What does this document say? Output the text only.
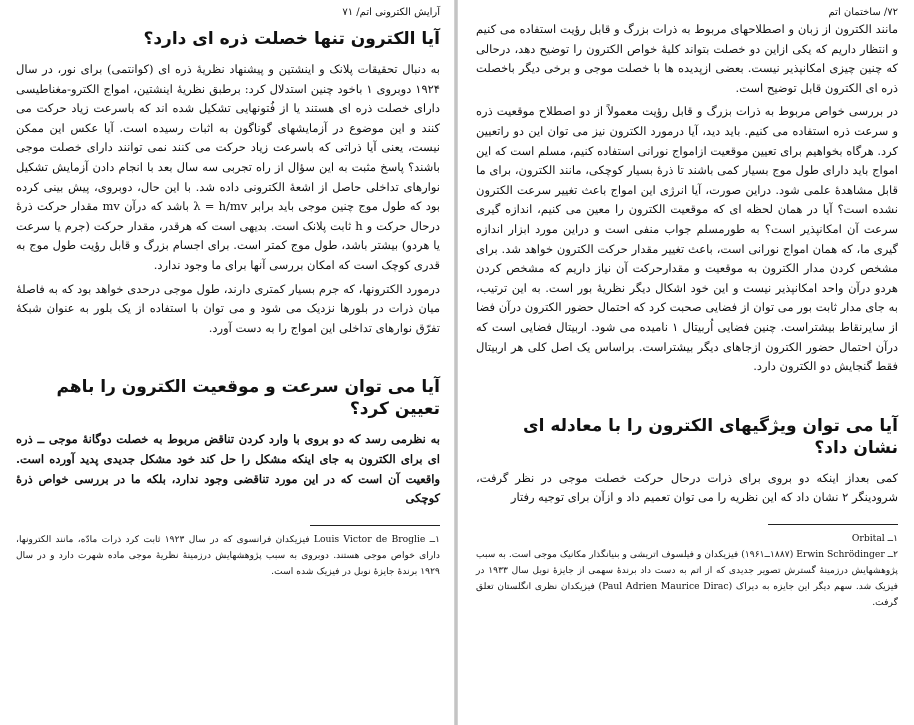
آرایش الکترونی اتم/ ۷۱
آیا الکترون تنها خصلت ذره ای دارد؟

به دنبال تحقیقات پلانک و اینشتین و پیشنهاد نظریهٔ ذره ای (کوانتمی) برای نور، در سال ۱۹۲۴ دوبروی ۱ باخود چنین استدلال کرد: برطبق نظریهٔ اینشتین، امواج الکترو‑مغناطیسی دارای خصلت ذره ای هستند یا از فُتونهایی تشکیل شده اند که باسرعت زیاد حرکت می کنند و این موضوع در آزمایشهای گوناگون به اثبات رسیده است. آیا عکس این ممکن نیست، یعنی آیا ذراتی که باسرعت زیاد حرکت می کنند نمی توانند دارای خصلت موجی باشند؟ پاسخ مثبت به این سؤال از راه تجربی سه سال بعد با انجام دادن آزمایش تشکیل نوارهای تداخلی حاصل از اشعهٔ الکترونی داده شد. با این حال، دوبروی، پیش بینی کرده بود که طول موج چنین موجی باید برابر λ = h/mv باشد که درآن mv مقدار حرکت ذرهٔ درحال حرکت و h ثابت پلانک است. بدیهی است که هرقدر، مقدار حرکت (جرم یا سرعت یا هردو) بیشتر باشد، طول موج کمتر است. برای اجسام بزرگ و قابل رؤیت طول موج به قدری کوچک است که امکان بررسی آنها برای ما وجود ندارد.

درمورد الکترونها، که جرم بسیار کمتری دارند، طول موجی درحدی خواهد بود که به فاصلهٔ میان ذرات در بلورها نزدیک می شود و می توان با استفاده از یک بلور به عنوان شبکهٔ تفرّق نوارهای تداخلی این امواج را به دست آورد.

آیا می توان سرعت و موقعیت الکترون را باهم تعیین کرد؟

به نظرمی رسد که دو بروی با وارد کردن تناقض مربوط به خصلت دوگانهٔ موجی ــ ذره ای برای الکترون به جای اینکه مشکل را حل کند خود مشکل جدیدی پدید آورده است. واقعیت آن است که در این مورد تناقضی وجود ندارد، بلکه ما در بررسی خواص ذرهٔ کوچکی

۱ــ Louis Victor de Broglie فیزیکدان فرانسوی که در سال ۱۹۲۳ ثابت کرد ذرات مادّه، مانند الکترونها، دارای خواص موجی هستند. دوبروی به سبب پژوهشهایش درزمینهٔ نظریهٔ موجی ماده شهرت دارد و در سال ۱۹۲۹ برندهٔ جایزهٔ نوبل در فیزیک شده است.

۷۲/ ساختمان اتم

مانند الکترون از زبان و اصطلاحهای مربوط به ذرات بزرگ و قابل رؤیت استفاده می کنیم و انتظار داریم که یکی ازاین دو خصلت بتواند کلیهٔ خواص الکترون را توضیح دهد، درحالی که چنین چیزی امکانپذیر نیست. بعضی ازپدیده ها با خصلت موجی و برخی دیگر باخصلت ذره ای الکترون قابل توضیح است.

در بررسی خواص مربوط به ذرات بزرگ و قابل رؤیت معمولاً از دو اصطلاح موقعیت ذره و سرعت ذره استفاده می کنیم. باید دید، آیا درمورد الکترون نیز می توان این دو راتعیین کرد. هرگاه بخواهیم برای تعیین موقعیت ازامواج نورانی استفاده کنیم، مسلم است که این امواج باید دارای طول موج بسیار کمی باشند تا ذرهٔ بسیار کوچکی، مانند الکترون، برای ما قابل مشاهدهٔ علمی شود. دراین صورت، آیا انرژی این امواج باعث تغییر سرعت الکترون نشده است؟ آیا در همان لحظه ای که موقعیت الکترون را معین می کنیم، اندازه گیری سرعت آن امکانپذیر است؟ به طورمسلم جواب منفی است و دراین مورد ابزار اندازه گیری ما، که همان امواج نورانی است، باعث تغییر مقدار حرکت الکترون خواهد شد. برای مشخص کردن مدار الکترون به موقعیت و مقدارحرکت آن نیاز داریم که مشخص کردن هردو درآن واحد امکانپذیر نیست و این خود اشکال دیگر نظریهٔ بور است. به این ترتیب، به جای مدار ثابت بور می توان از فضایی صحبت کرد که احتمال حضور الکترون درآن فضا از سایرنقاط بیشتراست. چنین فضایی اُربیتال ۱ نامیده می شود. اربیتال فضایی است که درآن احتمال حضور الکترون ازجاهای دیگر بیشتراست. براساس یک اصل کلی هر اربیتال فقط گنجایش دو الکترون دارد.

آیا می توان ویژگیهای الکترون را با معادله ای نشان داد؟

کمی بعداز اینکه دو بروی برای ذرات درحال حرکت خصلت موجی در نظر گرفت، شرودینگر ۲ نشان داد که این نظریه را می توان تعمیم داد و ازآن برای توجیه رفتار

۱ــ Orbital

۲ــ Erwin Schrödinger (۱۸۸۷ــ۱۹۶۱) فیزیکدان و فیلسوف اتریشی و بنیانگذار مکانیک موجی است. به سبب پژوهشهایش درزمینهٔ گسترش تصویر جدیدی که از اتم به دست داد برندهٔ سهمی از جایزهٔ نوبل سال ۱۹۳۳ در فیزیک شد. سهم دیگر این جایزه به دیراک (Paul Adrien Maurice Dirac) فیزیکدان نظری انگلستان تعلق گرفت.
